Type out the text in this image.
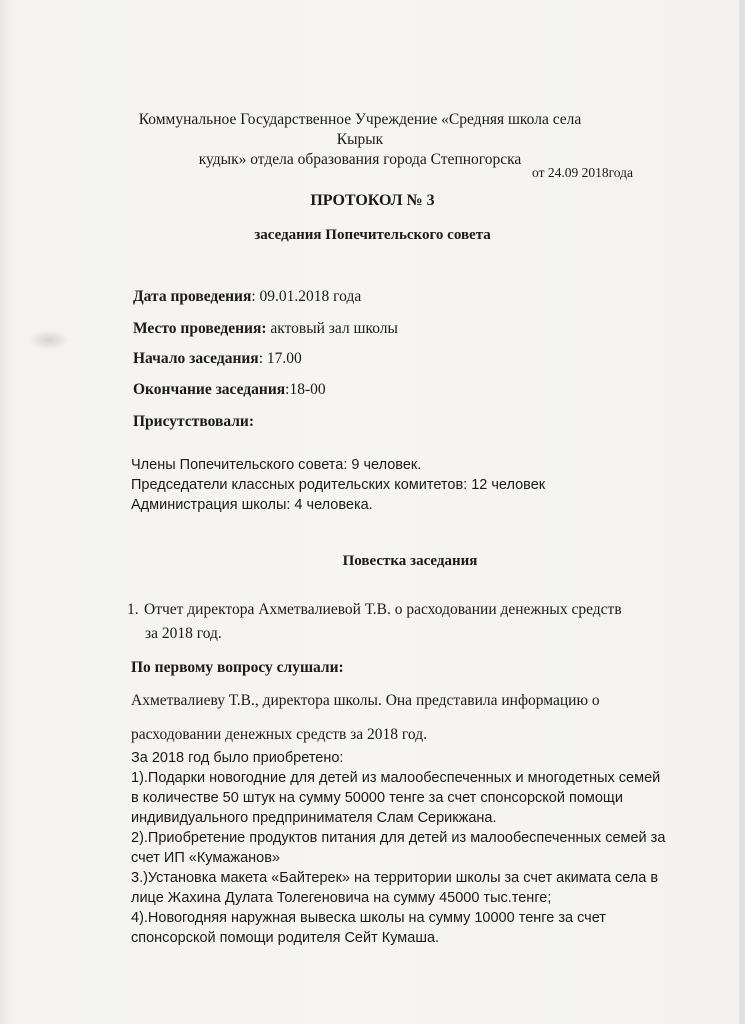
Коммунальное Государственное Учреждение «Средняя школа села Кырык
кудык» отдела образования города Степногорска
от 24.09 2018года
ПРОТОКОЛ № 3
заседания Попечительского совета
Дата проведения: 09.01.2018 года
Место проведения: актовый зал школы
Начало заседания: 17.00
Окончание заседания:18-00
Присутствовали:
Члены Попечительского совета: 9 человек.
Председатели классных родительских комитетов: 12 человек
Администрация школы: 4 человека.
Повестка заседания
1. Отчет директора Ахметвалиевой Т.В. о расходовании денежных средств
за 2018 год.
По первому вопросу слушали:
Ахметвалиеву Т.В., директора школы. Она представила информацию о
расходовании денежных средств за 2018 год.
За 2018 год было приобретено:
1).Подарки новогодние для детей из малообеспеченных и многодетных семей
в количестве 50 штук на сумму 50000 тенге за счет спонсорской помощи
индивидуального предпринимателя Слам Серикжана.
2).Приобретение продуктов питания для детей из малообеспеченных семей за
счет ИП «Кумажанов»
3.)Установка макета «Байтерек» на территории школы за счет акимата села в
лице Жахина Дулата Толегеновича на сумму 45000 тыс.тенге;
4).Новогодняя наружная вывеска школы на сумму 10000 тенге за счет
спонсорской помощи родителя Сейт Кумаша.
